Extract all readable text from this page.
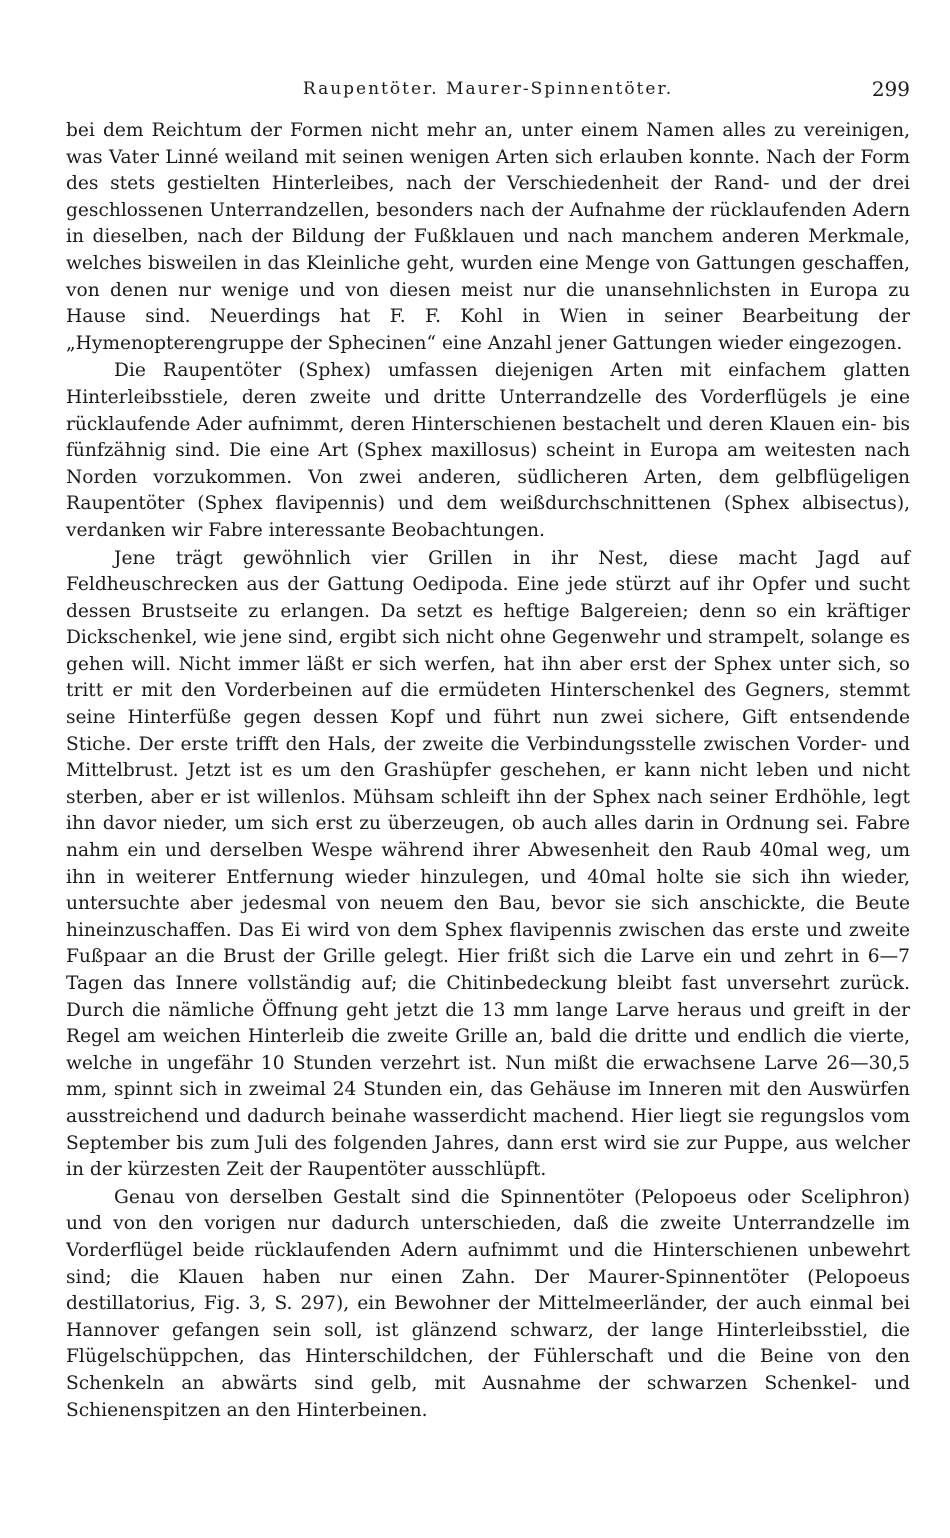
Raupentöter. Maurer-Spinnentöter.	299

bei dem Reichtum der Formen nicht mehr an, unter einem Namen alles zu vereinigen, was Vater Linné weiland mit seinen wenigen Arten sich erlauben konnte. Nach der Form des stets gestielten Hinterleibes, nach der Verschiedenheit der Rand- und der drei geschlossenen Unterrandzellen, besonders nach der Aufnahme der rücklaufenden Adern in dieselben, nach der Bildung der Fußklauen und nach manchem anderen Merkmale, welches bisweilen in das Kleinliche geht, wurden eine Menge von Gattungen geschaffen, von denen nur wenige und von diesen meist nur die unansehnlichsten in Europa zu Hause sind. Neuerdings hat F. F. Kohl in Wien in seiner Bearbeitung der „Hymenopterengruppe der Sphecinen“ eine Anzahl jener Gattungen wieder eingezogen.

Die Raupentöter (Sphex) umfassen diejenigen Arten mit einfachem glatten Hinterleibsstiele, deren zweite und dritte Unterrandzelle des Vorderflügels je eine rücklaufende Ader aufnimmt, deren Hinterschienen bestachelt und deren Klauen ein- bis fünfzähnig sind. Die eine Art (Sphex maxillosus) scheint in Europa am weitesten nach Norden vorzukommen. Von zwei anderen, südlicheren Arten, dem gelbflügeligen Raupentöter (Sphex flavipennis) und dem weißdurchschnittenen (Sphex albisectus), verdanken wir Fabre interessante Beobachtungen.

Jene trägt gewöhnlich vier Grillen in ihr Nest, diese macht Jagd auf Feldheuschrecken aus der Gattung Oedipoda. Eine jede stürzt auf ihr Opfer und sucht dessen Brustseite zu erlangen. Da setzt es heftige Balgereien; denn so ein kräftiger Dickschenkel, wie jene sind, ergibt sich nicht ohne Gegenwehr und strampelt, solange es gehen will. Nicht immer läßt er sich werfen, hat ihn aber erst der Sphex unter sich, so tritt er mit den Vorderbeinen auf die ermüdeten Hinterschenkel des Gegners, stemmt seine Hinterfüße gegen dessen Kopf und führt nun zwei sichere, Gift entsendende Stiche. Der erste trifft den Hals, der zweite die Verbindungsstelle zwischen Vorder- und Mittelbrust. Jetzt ist es um den Grashüpfer geschehen, er kann nicht leben und nicht sterben, aber er ist willenlos. Mühsam schleift ihn der Sphex nach seiner Erdhöhle, legt ihn davor nieder, um sich erst zu überzeugen, ob auch alles darin in Ordnung sei. Fabre nahm ein und derselben Wespe während ihrer Abwesenheit den Raub 40mal weg, um ihn in weiterer Entfernung wieder hinzulegen, und 40mal holte sie sich ihn wieder, untersuchte aber jedesmal von neuem den Bau, bevor sie sich anschickte, die Beute hineinzuschaffen. Das Ei wird von dem Sphex flavipennis zwischen das erste und zweite Fußpaar an die Brust der Grille gelegt. Hier frißt sich die Larve ein und zehrt in 6—7 Tagen das Innere vollständig auf; die Chitinbedeckung bleibt fast unversehrt zurück. Durch die nämliche Öffnung geht jetzt die 13 mm lange Larve heraus und greift in der Regel am weichen Hinterleib die zweite Grille an, bald die dritte und endlich die vierte, welche in ungefähr 10 Stunden verzehrt ist. Nun mißt die erwachsene Larve 26—30,5 mm, spinnt sich in zweimal 24 Stunden ein, das Gehäuse im Inneren mit den Auswürfen ausstreichend und dadurch beinahe wasserdicht machend. Hier liegt sie regungslos vom September bis zum Juli des folgenden Jahres, dann erst wird sie zur Puppe, aus welcher in der kürzesten Zeit der Raupentöter ausschlüpft.

Genau von derselben Gestalt sind die Spinnentöter (Pelopoeus oder Sceliphron) und von den vorigen nur dadurch unterschieden, daß die zweite Unterrandzelle im Vorderflügel beide rücklaufenden Adern aufnimmt und die Hinterschienen unbewehrt sind; die Klauen haben nur einen Zahn. Der Maurer-Spinnentöter (Pelopoeus destillatorius, Fig. 3, S. 297), ein Bewohner der Mittelmeerländer, der auch einmal bei Hannover gefangen sein soll, ist glänzend schwarz, der lange Hinterleibsstiel, die Flügelschüppchen, das Hinterschildchen, der Fühlerschaft und die Beine von den Schenkeln an abwärts sind gelb, mit Ausnahme der schwarzen Schenkel- und Schienenspitzen an den Hinterbeinen.
